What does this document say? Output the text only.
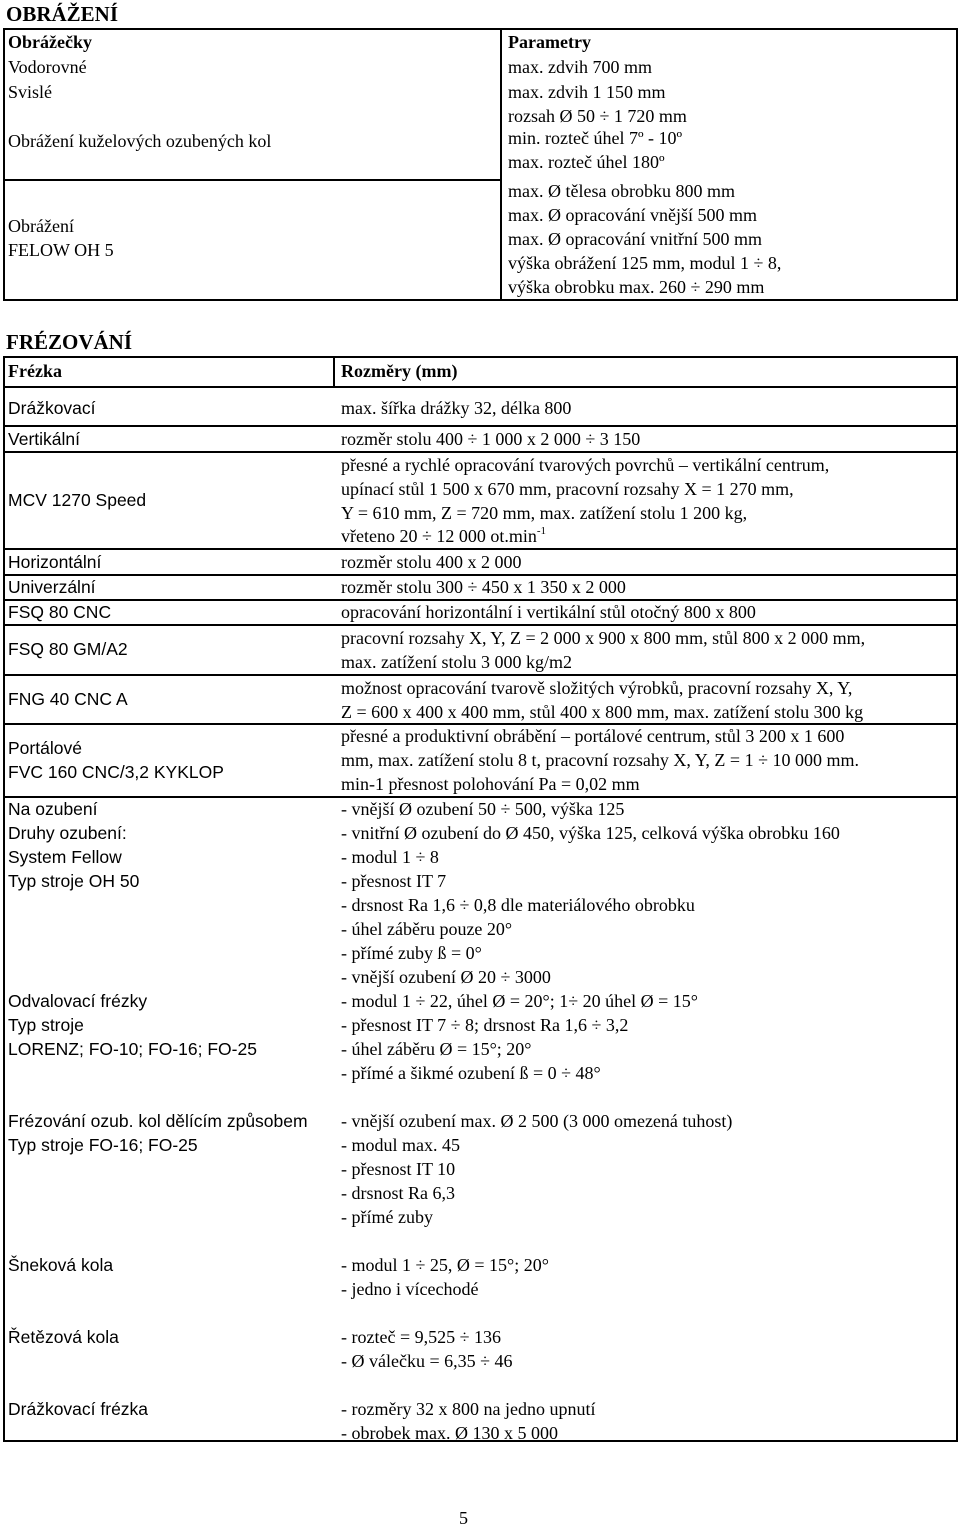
OBRÁŽENÍ
Obrážečky	Parametry
Vodorovné
Svislé
Obrážení kuželových ozubených kol
Obrážení
FELOW OH 5
max. zdvih 700 mm
max. zdvih 1 150 mm
rozsah Ø 50 ÷ 1 720 mm
min. rozteč úhel 7º - 10º
max. rozteč úhel 180º
max. Ø tělesa obrobku 800 mm
max. Ø opracování vnější 500 mm
max. Ø opracování vnitřní 500 mm
výška obrážení 125 mm, modul 1 ÷ 8,
výška obrobku max. 260 ÷ 290 mm
FRÉZOVÁNÍ
Frézka	Rozměry (mm)
Drážkovací
Vertikální
MCV 1270 Speed
Horizontální
Univerzální
FSQ 80 CNC
FSQ 80 GM/A2
FNG 40 CNC A
Portálové
FVC 160 CNC/3,2 KYKLOP
max. šířka drážky 32, délka 800
rozměr stolu 400 ÷ 1 000 x 2 000 ÷ 3 150
přesné a rychlé opracování tvarových povrchů – vertikální centrum,
upínací stůl 1 500 x 670 mm, pracovní rozsahy X = 1 270 mm,
Y = 610 mm, Z = 720 mm, max. zatížení stolu 1 200 kg,
vřeteno 20 ÷ 12 000 $ot.\min^{-1}$
rozměr stolu 400 x 2 000
rozměr stolu 300 ÷ 450 x 1 350 x 2 000
opracování horizontální i vertikální stůl otočný 800 x 800
pracovní rozsahy X, Y, Z = 2 000 x 900 x 800 mm, stůl 800 x 2 000 mm,
max. zatížení stolu 3 000 kg/m2
možnost opracování tvarově složitých výrobků, pracovní rozsahy X, Y,
Z = 600 x 400 x 400 mm, stůl 400 x 800 mm, max. zatížení stolu 300 kg
přesné a produktivní obrábění – portálové centrum, stůl 3 200 x 1 600
mm, max. zatížení stolu 8 t, pracovní rozsahy X, Y, Z = 1 ÷ 10 000 mm.
min-1 přesnost polohování Pa = 0,02 mm
Na ozubení
Druhy ozubení:
System Fellow
Typ stroje OH 50
Odvalovací frézky
Typ stroje
LORENZ; FO-10; FO-16; FO-25
Frézování ozub. kol dělícím způsobem
Typ stroje FO-16; FO-25
Šneková kola
Řetězová kola
Drážkovací frézka
- vnější Ø ozubení 50 ÷ 500, výška 125
- vnitřní Ø ozubení do Ø 450, výška 125, celková výška obrobku 160
- modul 1 ÷ 8
- přesnost IT 7
- drsnost Ra 1,6 ÷ 0,8 dle materiálového obrobku
- úhel záběru pouze 20°
- přímé zuby ß = 0°
- vnější ozubení Ø 20 ÷ 3000
- modul 1 ÷ 22, úhel Ø = 20°; 1÷ 20 úhel Ø = 15°
- přesnost IT 7 ÷ 8; drsnost Ra 1,6 ÷ 3,2
- úhel záběru Ø = 15°; 20°
- přímé a šikmé ozubení ß = 0 ÷ 48°
- vnější ozubení max. Ø 2 500 (3 000 omezená tuhost)
- modul max. 45
- přesnost IT 10
- drsnost Ra 6,3
- přímé zuby
- modul 1 ÷ 25, Ø = 15°; 20°
- jedno i vícechodé
- rozteč = 9,525 ÷ 136
- Ø válečku = 6,35 ÷ 46
- rozměry 32 x 800 na jedno upnutí
- obrobek max. Ø 130 x 5 000
5
